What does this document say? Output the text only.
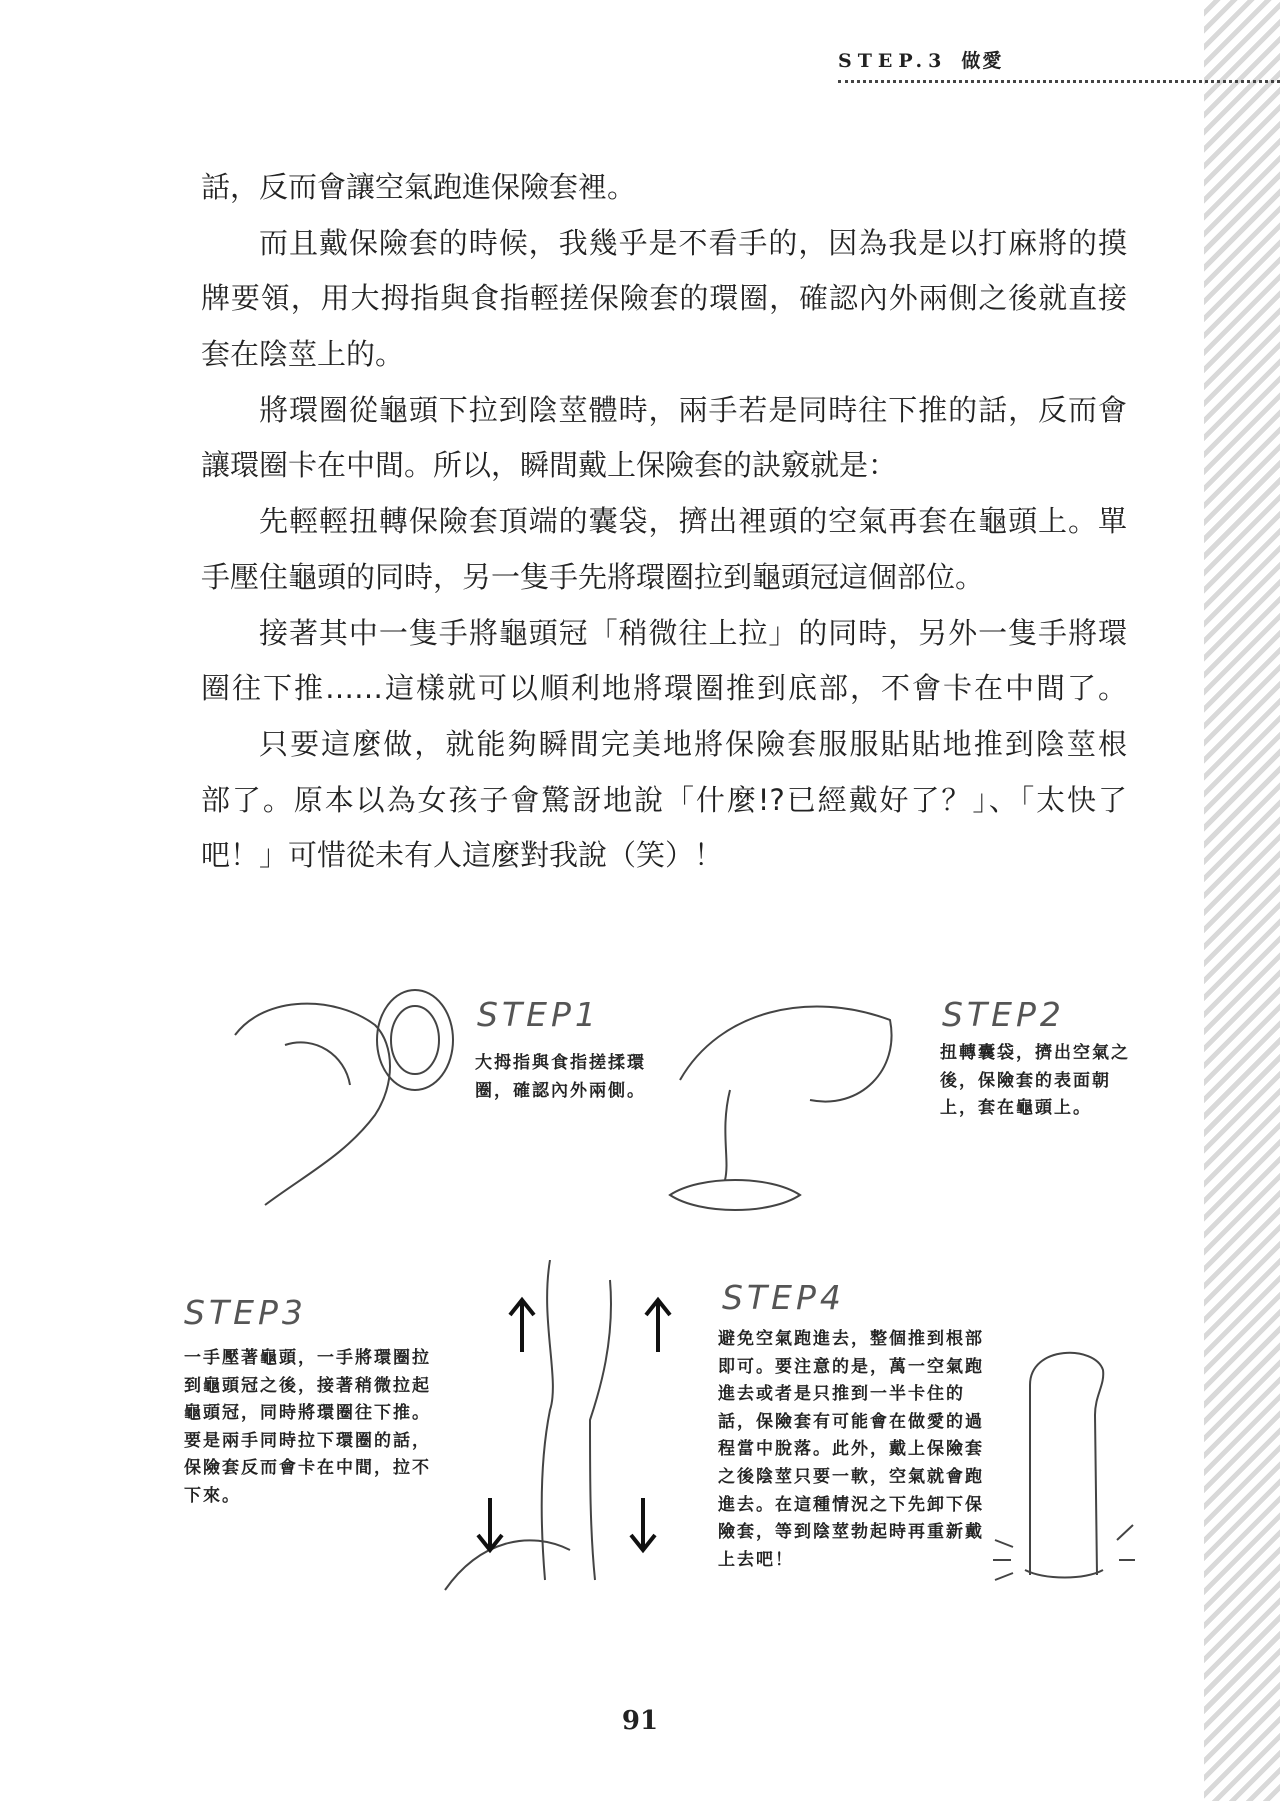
STEP.3 做愛
話，反而會讓空氣跑進保險套裡。
而且戴保險套的時候，我幾乎是不看手的，因為我是以打麻將的摸
牌要領，用大拇指與食指輕搓保險套的環圈，確認內外兩側之後就直接
套在陰莖上的。
將環圈從龜頭下拉到陰莖體時，兩手若是同時往下推的話，反而會
讓環圈卡在中間。所以，瞬間戴上保險套的訣竅就是：
先輕輕扭轉保險套頂端的囊袋，擠出裡頭的空氣再套在龜頭上。單
手壓住龜頭的同時，另一隻手先將環圈拉到龜頭冠這個部位。
接著其中一隻手將龜頭冠「稍微往上拉」的同時，另外一隻手將環
圈往下推……這樣就可以順利地將環圈推到底部，不會卡在中間了。
只要這麼做，就能夠瞬間完美地將保險套服服貼貼地推到陰莖根
部了。原本以為女孩子會驚訝地說「什麼!?已經戴好了？」、「太快了
吧！」可惜從未有人這麼對我說（笑）！
STEP1
大拇指與食指搓揉環
圈，確認內外兩側。
STEP2
扭轉囊袋，擠出空氣之
後，保險套的表面朝
上，套在龜頭上。
STEP3
一手壓著龜頭，一手將環圈拉
到龜頭冠之後，接著稍微拉起
龜頭冠，同時將環圈往下推。
要是兩手同時拉下環圈的話，
保險套反而會卡在中間，拉不
下來。
STEP4
避免空氣跑進去，整個推到根部
即可。要注意的是，萬一空氣跑
進去或者是只推到一半卡住的
話，保險套有可能會在做愛的過
程當中脫落。此外，戴上保險套
之後陰莖只要一軟，空氣就會跑
進去。在這種情況之下先卸下保
險套，等到陰莖勃起時再重新戴
上去吧！
91
